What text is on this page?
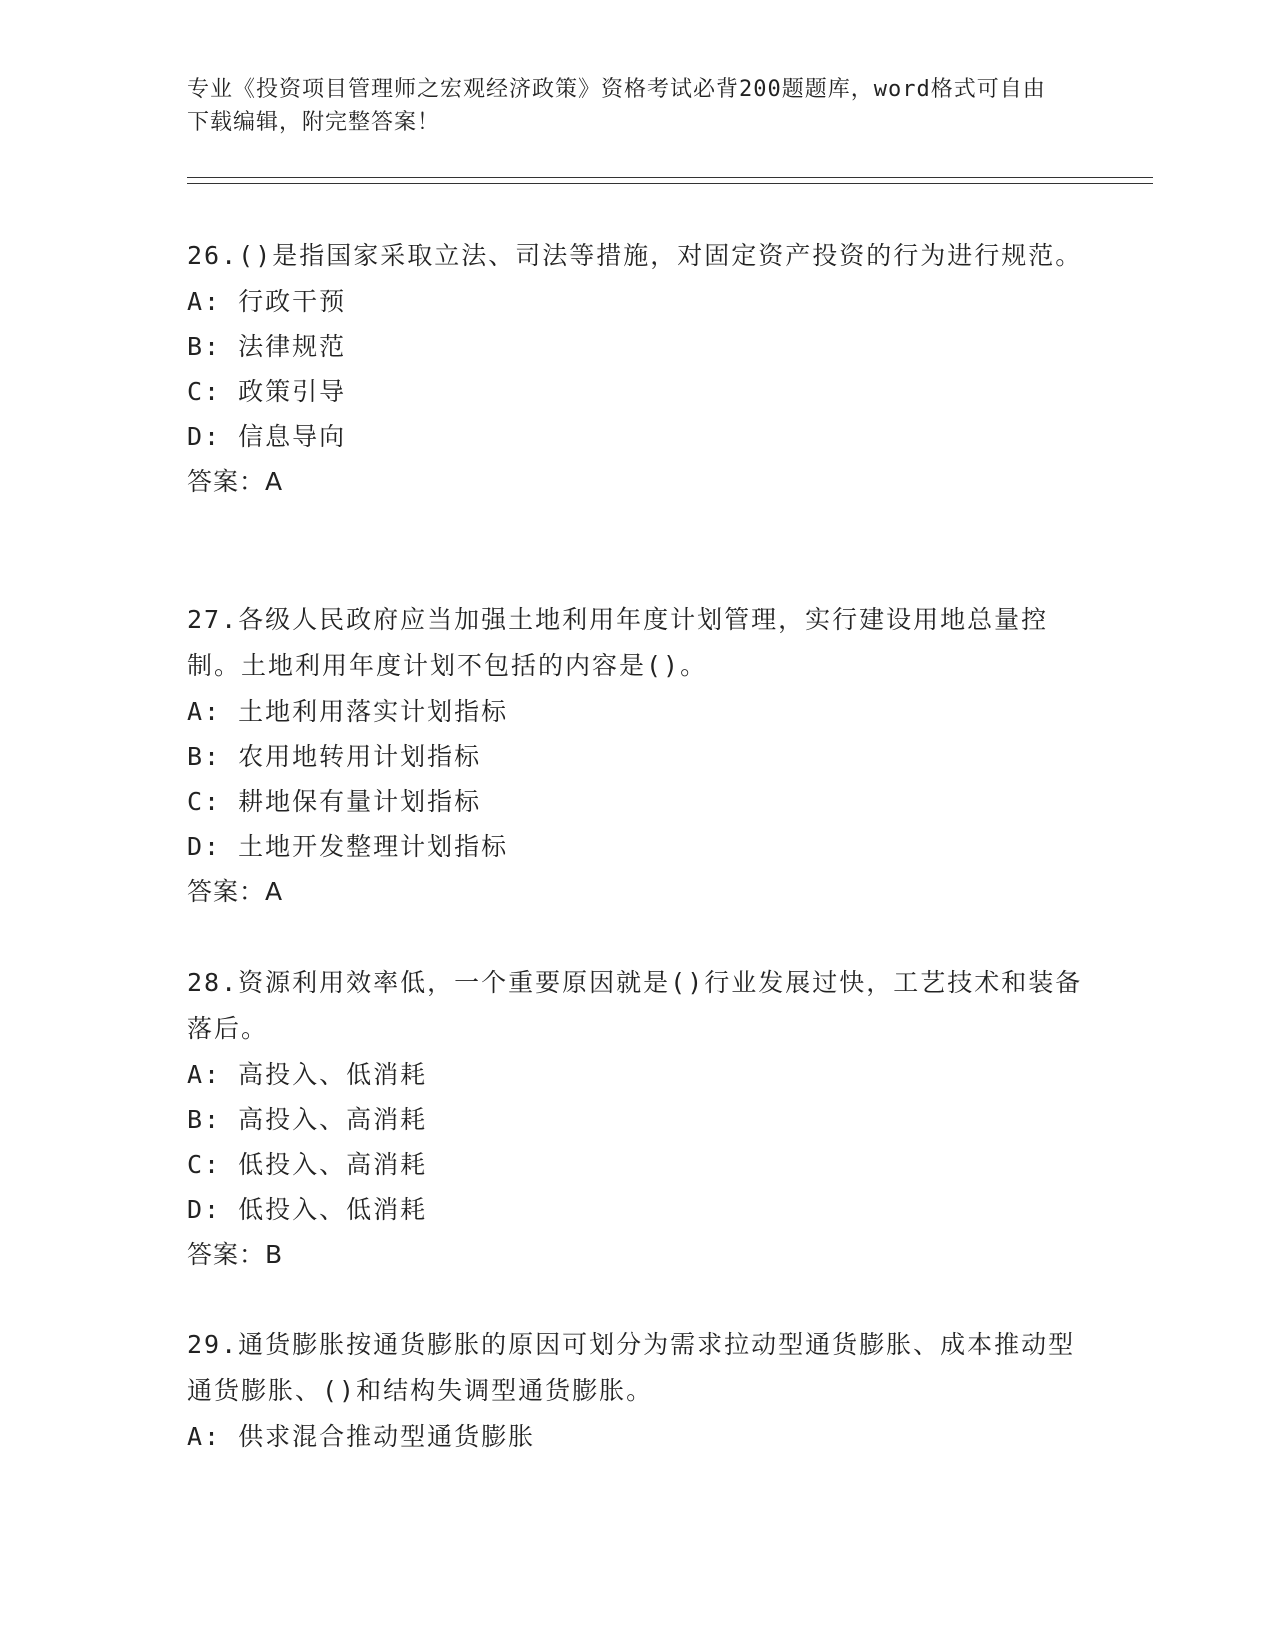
专业《投资项目管理师之宏观经济政策》资格考试必背200题题库，word格式可自由下载编辑，附完整答案！

26.()是指国家采取立法、司法等措施，对固定资产投资的行为进行规范。

A: 行政干预

B: 法律规范

C: 政策引导

D: 信息导向

答案：A

27.各级人民政府应当加强土地利用年度计划管理，实行建设用地总量控制。土地利用年度计划不包括的内容是()。

A: 土地利用落实计划指标

B: 农用地转用计划指标

C: 耕地保有量计划指标

D: 土地开发整理计划指标

答案：A

28.资源利用效率低，一个重要原因就是()行业发展过快，工艺技术和装备落后。

A: 高投入、低消耗

B: 高投入、高消耗

C: 低投入、高消耗

D: 低投入、低消耗

答案：B

29.通货膨胀按通货膨胀的原因可划分为需求拉动型通货膨胀、成本推动型通货膨胀、()和结构失调型通货膨胀。

A: 供求混合推动型通货膨胀
